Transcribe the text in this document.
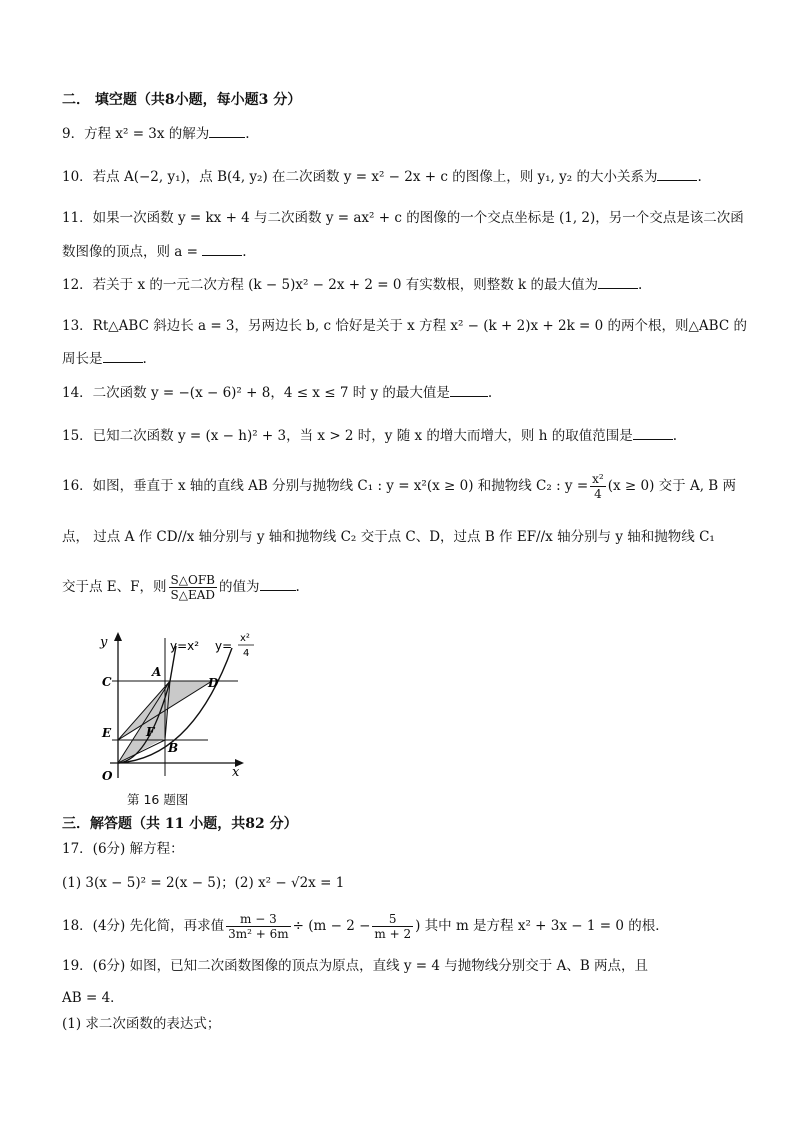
二． 填空题（共8小题，每小题3 分）
9．方程 x² = 3x 的解为	.
10．若点 A(−2, y₁)，点 B(4, y₂) 在二次函数 y = x² − 2x + c 的图像上，则 y₁, y₂ 的大小关系为	.
11．如果一次函数 y = kx + 4 与二次函数 y = ax² + c 的图像的一个交点坐标是 (1, 2)，另一个交点是该二次函
数图像的顶点，则 a =	.
12．若关于 x 的一元二次方程 (k − 5)x² − 2x + 2 = 0 有实数根，则整数 k 的最大值为	.
13．Rt△ABC 斜边长 a = 3，另两边长 b, c 恰好是关于 x 方程 x² − (k + 2)x + 2k = 0 的两个根，则△ABC 的
周长是	.
14．二次函数 y = −(x − 6)² + 8，4 ≤ x ≤ 7 时 y 的最大值是	.
15．已知二次函数 y = (x − h)² + 3，当 x > 2 时，y 随 x 的增大而增大，则 h 的取值范围是	.
16．如图，垂直于 x 轴的直线 AB 分别与抛物线 C₁ : y = x²(x ≥ 0) 和抛物线 C₂ : $y = \frac{\text{x²}}{4} (x \ge 0)$ 交于 A, B 两
点， 过点 A 作 CD//x 轴分别与 y 轴和抛物线 C₂ 交于点 C、D，过点 B 作 EF//x 轴分别与 y 轴和抛物线 C₁
交于点 E、F，则 $\frac{\text{S△OFB}}{\text{S△EAD}}$ 的值为	.
y
x
O
A
B
C	D
E	F
y=x² y=
x²
4
第 16 题图
三．解答题（共 11 小题，共82 分）
17．(6分) 解方程：
(1) 3(x − 5)² = 2(x − 5)；(2) x² − √2x = 1
18．(4分) 先化简，再求值 $\frac{m - 3}{\text{3m² + 6m}} \div (m - 2 - \frac{5}{m + 2}$ ) 其中 m 是方程 x² + 3x − 1 = 0 的根．
19．(6分) 如图，已知二次函数图像的顶点为原点，直线 y = 4 与抛物线分别交于 A、B 两点，且
AB = 4．
(1) 求二次函数的表达式；
